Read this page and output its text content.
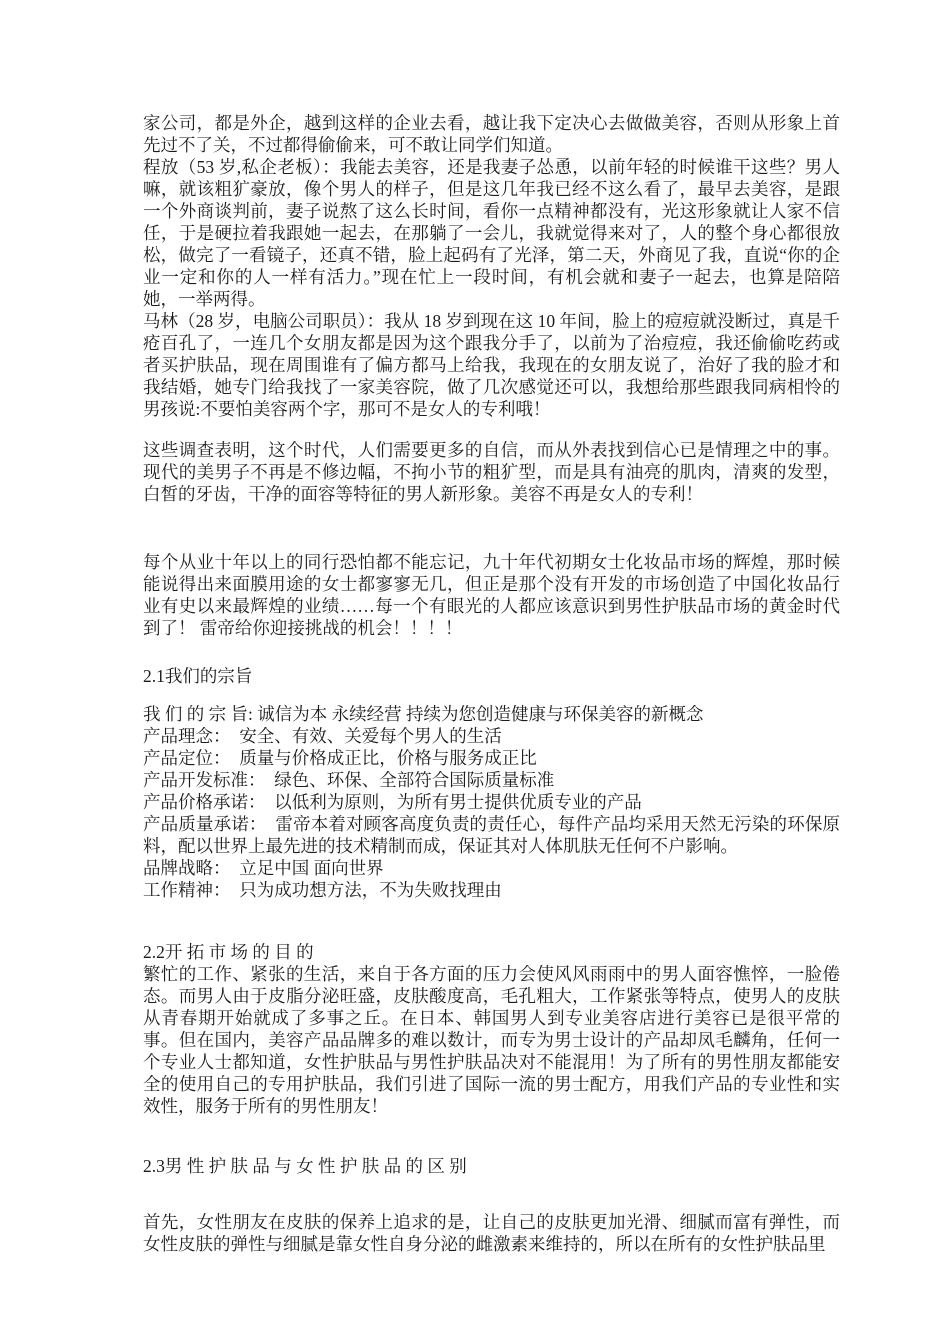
家公司，都是外企，越到这样的企业去看，越让我下定决心去做做美容，否则从形象上首先过不了关，不过都得偷偷来，可不敢让同学们知道。

程放（53 岁,私企老板）：我能去美容，还是我妻子怂恿，以前年轻的时候谁干这些？男人嘛，就该粗犷豪放，像个男人的样子，但是这几年我已经不这么看了，最早去美容，是跟一个外商谈判前，妻子说熬了这么长时间，看你一点精神都没有，光这形象就让人家不信任，于是硬拉着我跟她一起去，在那躺了一会儿，我就觉得来对了，人的整个身心都很放松，做完了一看镜子，还真不错，脸上起码有了光泽，第二天，外商见了我，直说“你的企业一定和你的人一样有活力。”现在忙上一段时间，有机会就和妻子一起去，也算是陪陪她，一举两得。

马林（28 岁，电脑公司职员）：我从 18 岁到现在这 10 年间，脸上的痘痘就没断过，真是千疮百孔了，一连几个女朋友都是因为这个跟我分手了，以前为了治痘痘，我还偷偷吃药或者买护肤品，现在周围谁有了偏方都马上给我，我现在的女朋友说了，治好了我的脸才和我结婚，她专门给我找了一家美容院，做了几次感觉还可以，我想给那些跟我同病相怜的男孩说:不要怕美容两个字，那可不是女人的专利哦！

这些调查表明，这个时代，人们需要更多的自信，而从外表找到信心已是情理之中的事。现代的美男子不再是不修边幅，不拘小节的粗犷型，而是具有油亮的肌肉，清爽的发型，白皙的牙齿，干净的面容等特征的男人新形象。美容不再是女人的专利！

每个从业十年以上的同行恐怕都不能忘记，九十年代初期女士化妆品市场的辉煌，那时候能说得出来面膜用途的女士都寥寥无几，但正是那个没有开发的市场创造了中国化妆品行业有史以来最辉煌的业绩……每一个有眼光的人都应该意识到男性护肤品市场的黄金时代到了！ 雷帝给你迎接挑战的机会！！！！

2.1我们的宗旨

我 们 的 宗 旨: 诚信为本 永续经营 持续为您创造健康与环保美容的新概念

产品理念：　安全、有效、关爱每个男人的生活

产品定位：　质量与价格成正比，价格与服务成正比

产品开发标准：　绿色、环保、全部符合国际质量标准

产品价格承诺：　以低利为原则，为所有男士提供优质专业的产品

产品质量承诺：　雷帝本着对顾客高度负责的责任心，每件产品均采用天然无污染的环保原料，配以世界上最先进的技术精制而成，保证其对人体肌肤无任何不户影响。

品牌战略：　立足中国 面向世界

工作精神：　只为成功想方法，不为失败找理由

2.2开 拓 市 场 的 目 的

繁忙的工作、紧张的生活，来自于各方面的压力会使风风雨雨中的男人面容憔悴，一脸倦态。而男人由于皮脂分泌旺盛，皮肤酸度高，毛孔粗大，工作紧张等特点，使男人的皮肤从青春期开始就成了多事之丘。在日本、韩国男人到专业美容店进行美容已是很平常的事。但在国内，美容产品品牌多的难以数计，而专为男士设计的产品却凤毛麟角，任何一个专业人士都知道，女性护肤品与男性护肤品决对不能混用！为了所有的男性朋友都能安全的使用自己的专用护肤品，我们引进了国际一流的男士配方，用我们产品的专业性和实效性，服务于所有的男性朋友！

2.3男 性 护 肤 品 与 女 性 护 肤 品 的 区 别

首先，女性朋友在皮肤的保养上追求的是，让自己的皮肤更加光滑、细腻而富有弹性，而女性皮肤的弹性与细腻是靠女性自身分泌的雌激素来维持的，所以在所有的女性护肤品里
